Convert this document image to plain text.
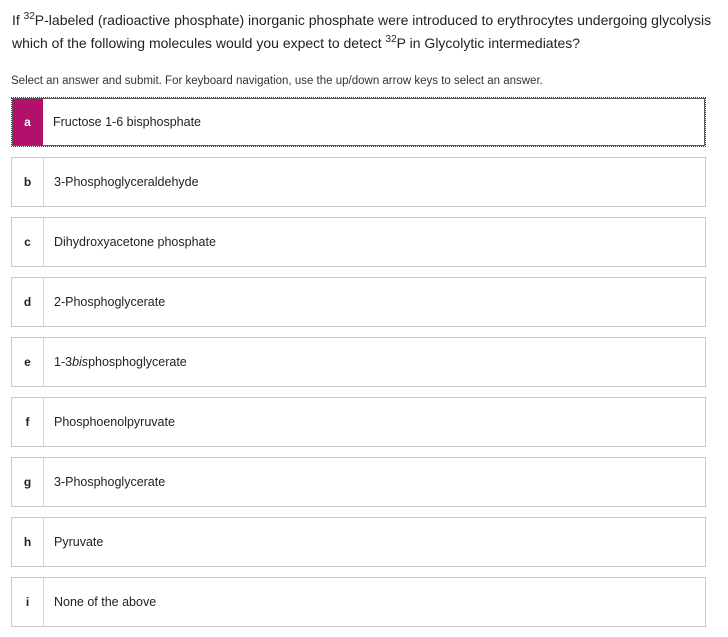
If $^{32}$P-labeled (radioactive phosphate) inorganic phosphate were introduced to erythrocytes undergoing glycolysis which of the following molecules would you expect to detect $^{32}$P in Glycolytic intermediates?
Select an answer and submit. For keyboard navigation, use the up/down arrow keys to select an answer.
a	Fructose 1-6 bisphosphate
b	3-Phosphoglyceraldehyde
c	Dihydroxyacetone phosphate
d	2-Phosphoglycerate
e	1-3 bis phosphoglycerate
f	Phosphoenolpyruvate
g	3-Phosphoglycerate
h	Pyruvate
i	None of the above
